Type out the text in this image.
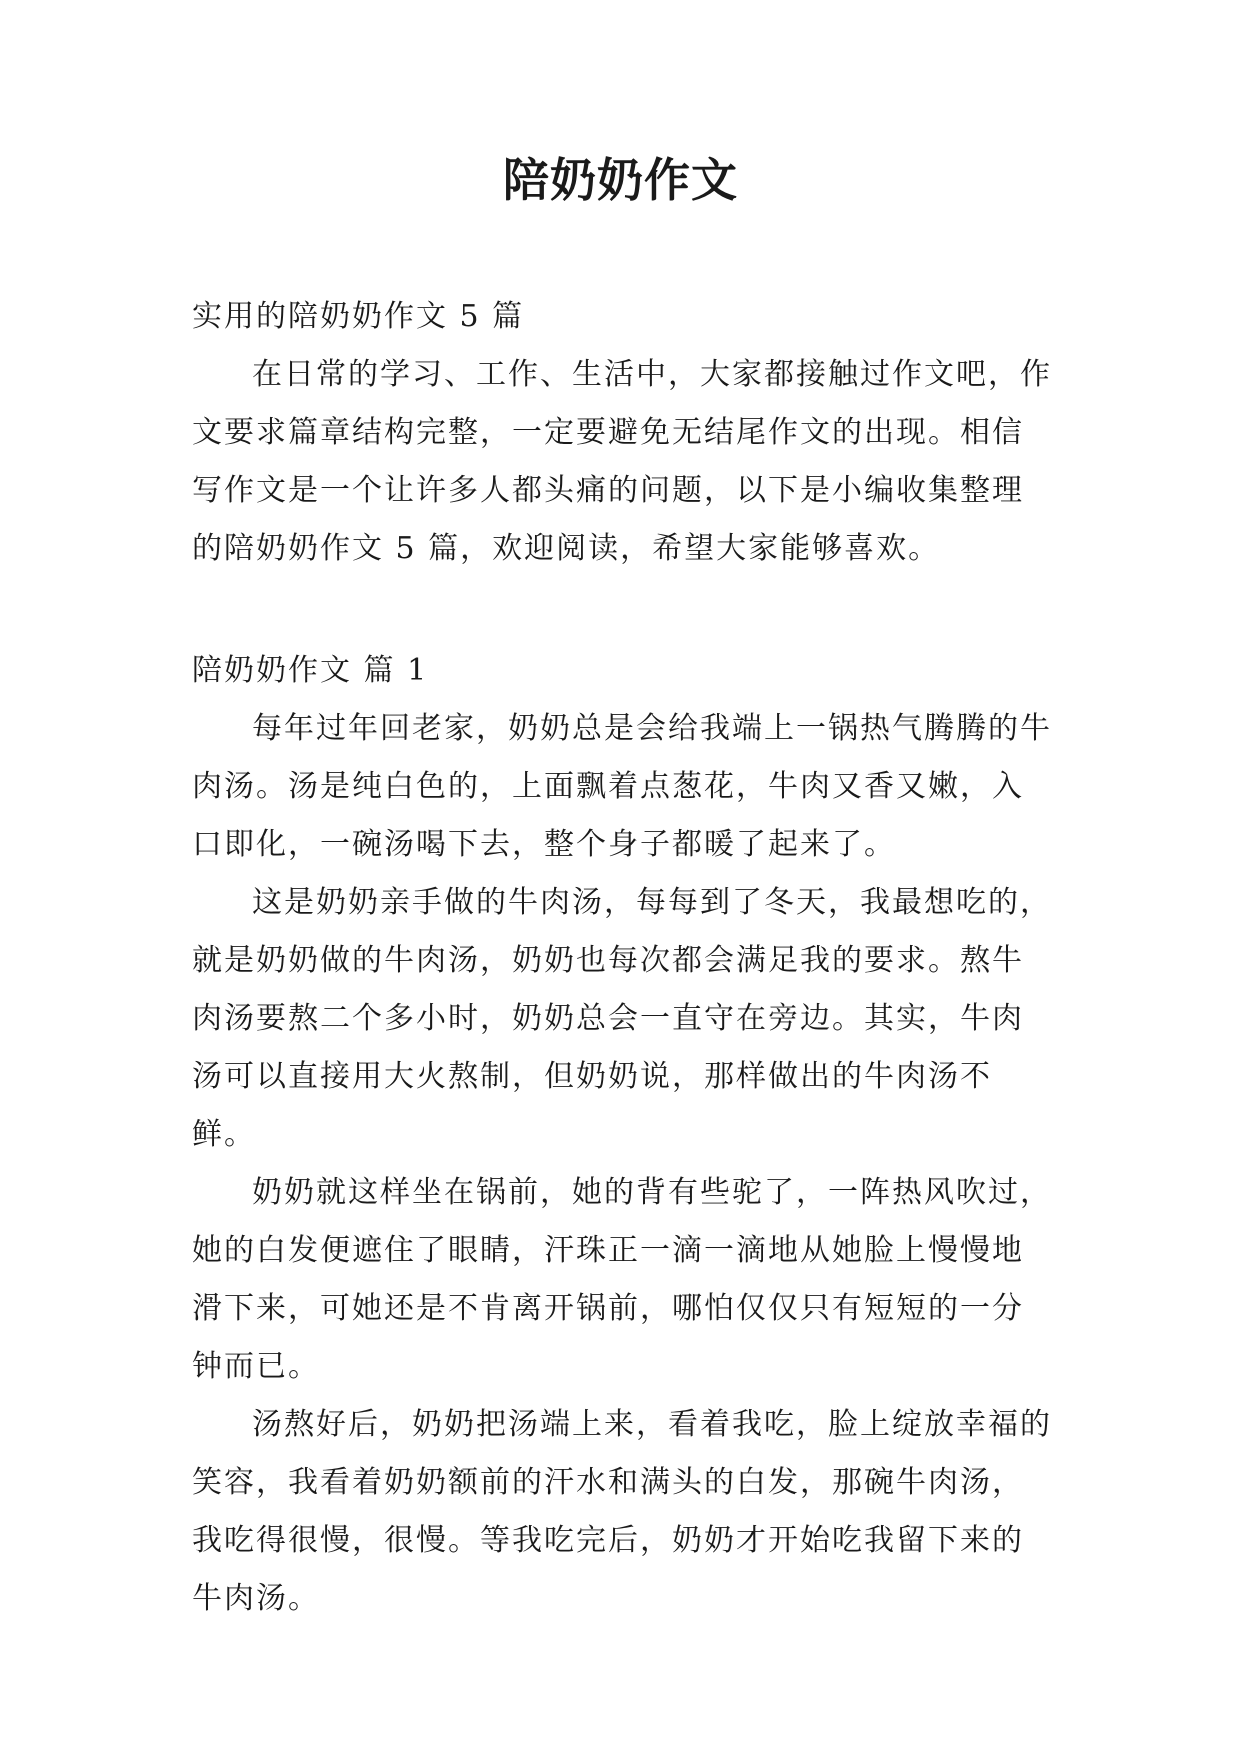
陪奶奶作文

实用的陪奶奶作文 5 篇

在日常的学习、工作、生活中，大家都接触过作文吧，作文要求篇章结构完整，一定要避免无结尾作文的出现。相信写作文是一个让许多人都头痛的问题，以下是小编收集整理的陪奶奶作文 5 篇，欢迎阅读，希望大家能够喜欢。

陪奶奶作文 篇 1

每年过年回老家，奶奶总是会给我端上一锅热气腾腾的牛肉汤。汤是纯白色的，上面飘着点葱花，牛肉又香又嫩，入口即化，一碗汤喝下去，整个身子都暖了起来了。

这是奶奶亲手做的牛肉汤，每每到了冬天，我最想吃的，就是奶奶做的牛肉汤，奶奶也每次都会满足我的要求。熬牛肉汤要熬二个多小时，奶奶总会一直守在旁边。其实，牛肉汤可以直接用大火熬制，但奶奶说，那样做出的牛肉汤不鲜。

奶奶就这样坐在锅前，她的背有些驼了，一阵热风吹过，她的白发便遮住了眼睛，汗珠正一滴一滴地从她脸上慢慢地滑下来，可她还是不肯离开锅前，哪怕仅仅只有短短的一分钟而已。

汤熬好后，奶奶把汤端上来，看着我吃，脸上绽放幸福的笑容，我看着奶奶额前的汗水和满头的白发，那碗牛肉汤，我吃得很慢，很慢。等我吃完后，奶奶才开始吃我留下来的牛肉汤。
